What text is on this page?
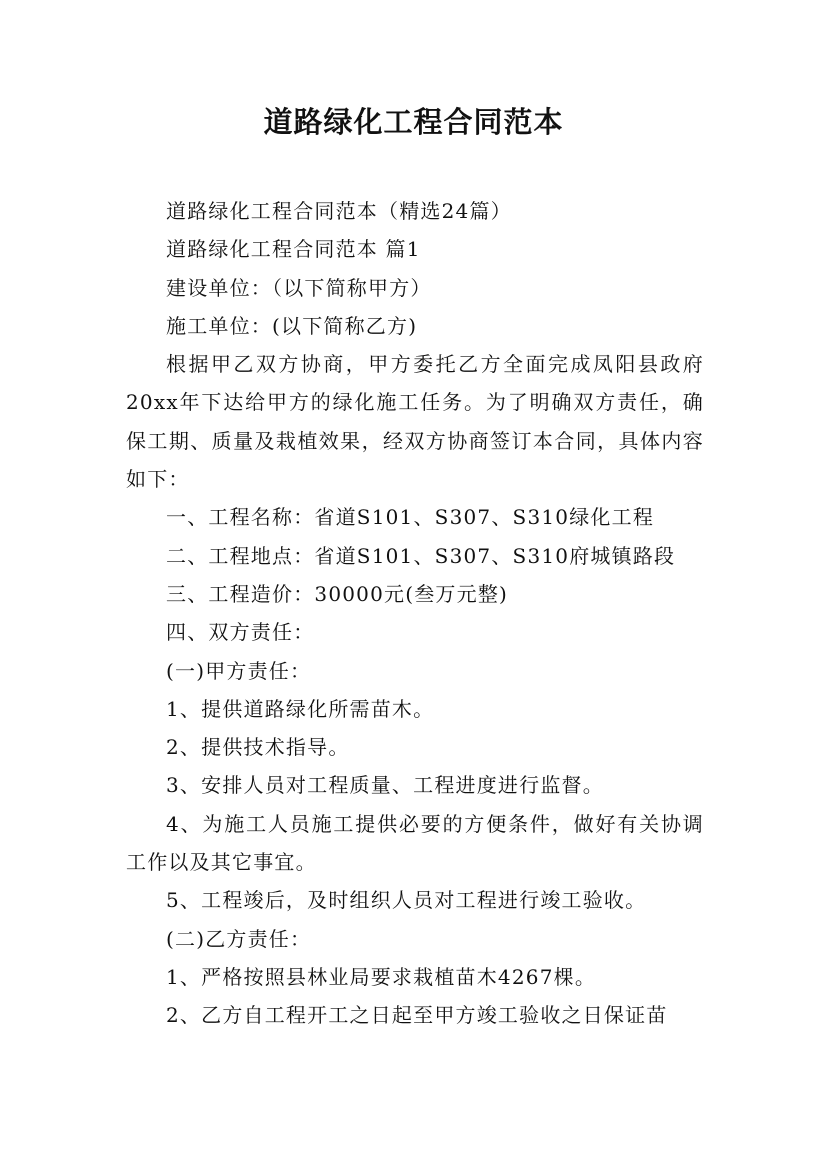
道路绿化工程合同范本

道路绿化工程合同范本（精选24篇）

道路绿化工程合同范本 篇1

建设单位：（以下简称甲方）

施工单位：(以下简称乙方)

根据甲乙双方协商，甲方委托乙方全面完成凤阳县政府20xx年下达给甲方的绿化施工任务。为了明确双方责任，确保工期、质量及栽植效果，经双方协商签订本合同，具体内容如下：

一、工程名称：省道S101、S307、S310绿化工程

二、工程地点：省道S101、S307、S310府城镇路段

三、工程造价：30000元(叁万元整)

四、双方责任：

(一)甲方责任：

1、提供道路绿化所需苗木。

2、提供技术指导。

3、安排人员对工程质量、工程进度进行监督。

4、为施工人员施工提供必要的方便条件，做好有关协调工作以及其它事宜。

5、工程竣后，及时组织人员对工程进行竣工验收。

(二)乙方责任：

1、严格按照县林业局要求栽植苗木4267棵。

2、乙方自工程开工之日起至甲方竣工验收之日保证苗
